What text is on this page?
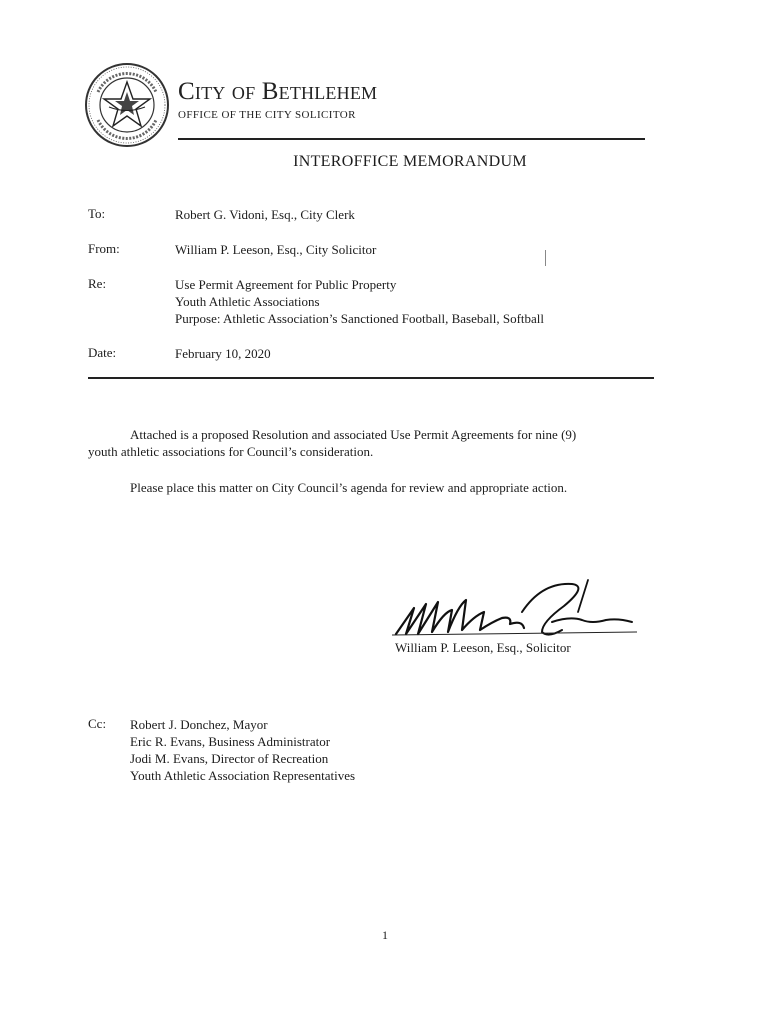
City of Bethlehem
OFFICE OF THE CITY SOLICITOR
INTEROFFICE MEMORANDUM
To:	Robert G. Vidoni, Esq., City Clerk
From:	William P. Leeson, Esq., City Solicitor
Re:	Use Permit Agreement for Public Property
Youth Athletic Associations
Purpose: Athletic Association’s Sanctioned Football, Baseball, Softball
Date:	February 10, 2020
Attached is a proposed Resolution and associated Use Permit Agreements for nine (9)
youth athletic associations for Council’s consideration.
Please place this matter on City Council’s agenda for review and appropriate action.
William P. Leeson, Esq., Solicitor
Cc: Robert J. Donchez, Mayor
Eric R. Evans, Business Administrator
Jodi M. Evans, Director of Recreation
Youth Athletic Association Representatives
1
